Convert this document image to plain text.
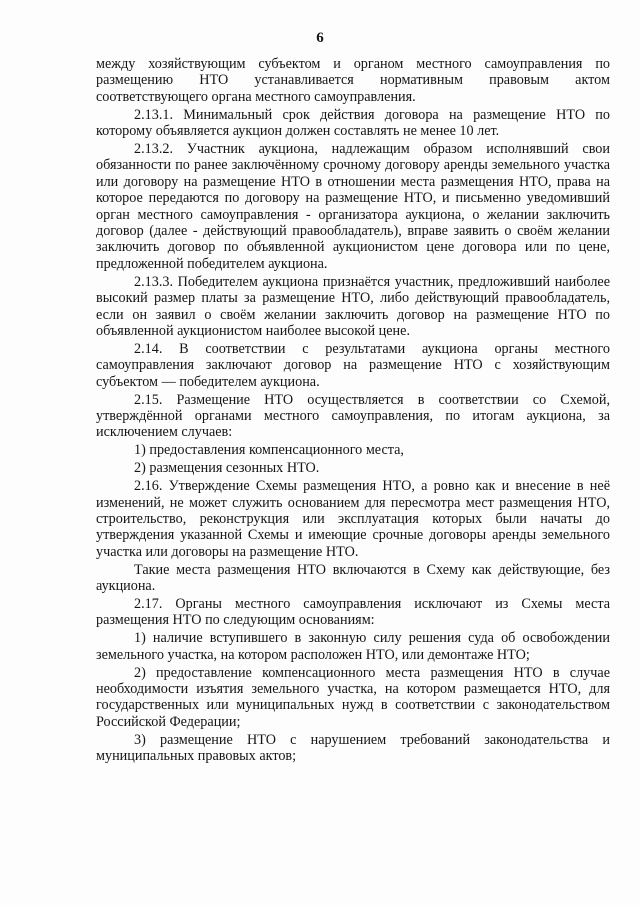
6

между хозяйствующим субъектом и органом местного самоуправления по размещению НТО устанавливается нормативным правовым актом соответствующего органа местного самоуправления.

2.13.1. Минимальный срок действия договора на размещение НТО по которому объявляется аукцион должен составлять не менее 10 лет.

2.13.2. Участник аукциона, надлежащим образом исполнявший свои обязанности по ранее заключённому срочному договору аренды земельного участка или договору на размещение НТО в отношении места размещения НТО, права на которое передаются по договору на размещение НТО, и письменно уведомивший орган местного самоуправления - организатора аукциона, о желании заключить договор (далее - действующий правообладатель), вправе заявить о своём желании заключить договор по объявленной аукционистом цене договора или по цене, предложенной победителем аукциона.

2.13.3. Победителем аукциона признаётся участник, предложивший наиболее высокий размер платы за размещение НТО, либо действующий правообладатель, если он заявил о своём желании заключить договор на размещение НТО по объявленной аукционистом наиболее высокой цене.

2.14. В соответствии с результатами аукциона органы местного самоуправления заключают договор на размещение НТО с хозяйствующим субъектом — победителем аукциона.

2.15. Размещение НТО осуществляется в соответствии со Схемой, утверждённой органами местного самоуправления, по итогам аукциона, за исключением случаев:

1) предоставления компенсационного места,

2) размещения сезонных НТО.

2.16. Утверждение Схемы размещения НТО, а ровно как и внесение в неё изменений, не может служить основанием для пересмотра мест размещения НТО, строительство, реконструкция или эксплуатация которых были начаты до утверждения указанной Схемы и имеющие срочные договоры аренды земельного участка или договоры на размещение НТО.

Такие места размещения НТО включаются в Схему как действующие, без аукциона.

2.17. Органы местного самоуправления исключают из Схемы места размещения НТО по следующим основаниям:

1) наличие вступившего в законную силу решения суда об освобождении земельного участка, на котором расположен НТО, или демонтаже НТО;

2) предоставление компенсационного места размещения НТО в случае необходимости изъятия земельного участка, на котором размещается НТО, для государственных или муниципальных нужд в соответствии с законодательством Российской Федерации;

3) размещение НТО с нарушением требований законодательства и муниципальных правовых актов;
